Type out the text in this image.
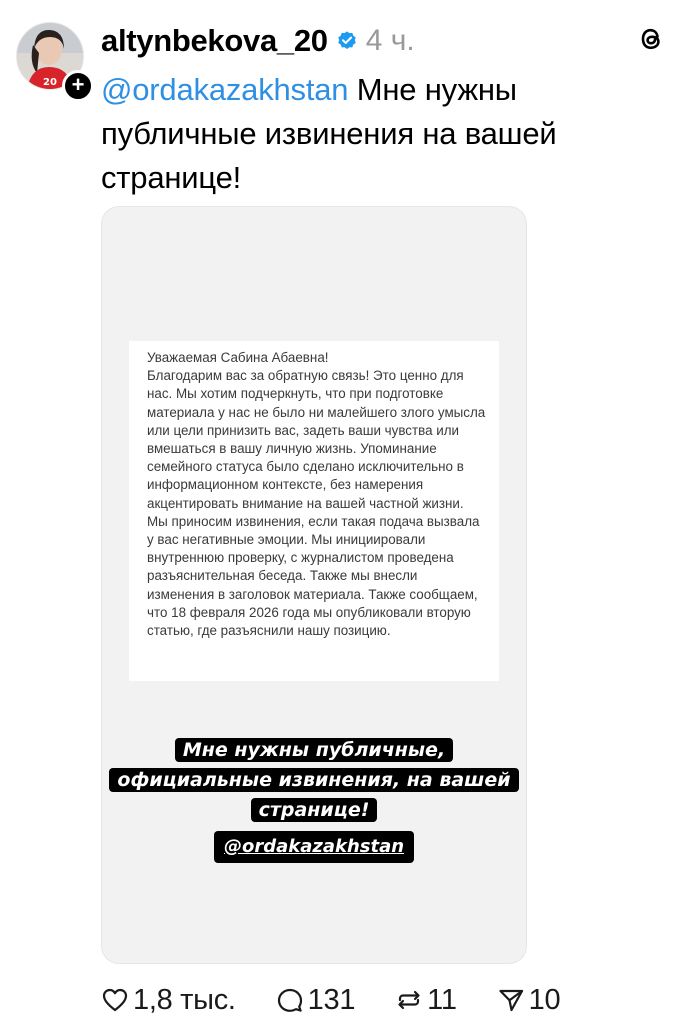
20 +
altynbekova_20 4 ч.
@ordakazakhstan Мне нужны публичные извинения на вашей странице!

Уважаемая Сабина Абаевна!

Благодарим вас за обратную связь! Это ценно для нас. Мы хотим подчеркнуть, что при подготовке материала у нас не было ни малейшего злого умысла или цели принизить вас, задеть ваши чувства или вмешаться в вашу личную жизнь. Упоминание семейного статуса было сделано исключительно в информационном контексте, без намерения акцентировать внимание на вашей частной жизни. Мы приносим извинения, если такая подача вызвала у вас негативные эмоции. Мы инициировали внутреннюю проверку, с журналистом проведена разъяснительная беседа. Также мы внесли изменения в заголовок материала. Также сообщаем, что 18 февраля 2026 года мы опубликовали вторую статью, где разъяснили нашу позицию.

Мне нужны публичные, официальные извинения, на вашей странице!
@ordakazakhstan
1,8 тыс. 131 11 10
